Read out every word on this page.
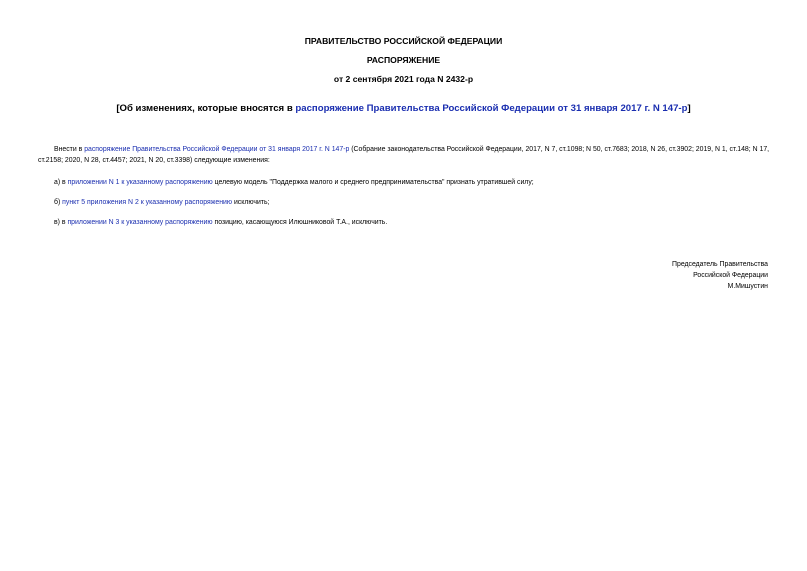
ПРАВИТЕЛЬСТВО РОССИЙСКОЙ ФЕДЕРАЦИИ
РАСПОРЯЖЕНИЕ
от 2 сентября 2021 года N 2432-р
[Об изменениях, которые вносятся в распоряжение Правительства Российской Федерации от 31 января 2017 г. N 147-р]
Внести в распоряжение Правительства Российской Федерации от 31 января 2017 г. N 147-р (Собрание законодательства Российской Федерации, 2017, N 7, ст.1098; N 50, ст.7683; 2018, N 26, ст.3902; 2019, N 1, ст.148; N 17, ст.2158; 2020, N 28, ст.4457; 2021, N 20, ст.3398) следующие изменения:
а) в приложении N 1 к указанному распоряжению целевую модель "Поддержка малого и среднего предпринимательства" признать утратившей силу;
б) пункт 5 приложения N 2 к указанному распоряжению исключить;
в) в приложении N 3 к указанному распоряжению позицию, касающуюся Илюшниковой Т.А., исключить.
Председатель Правительства
Российской Федерации
М.Мишустин
